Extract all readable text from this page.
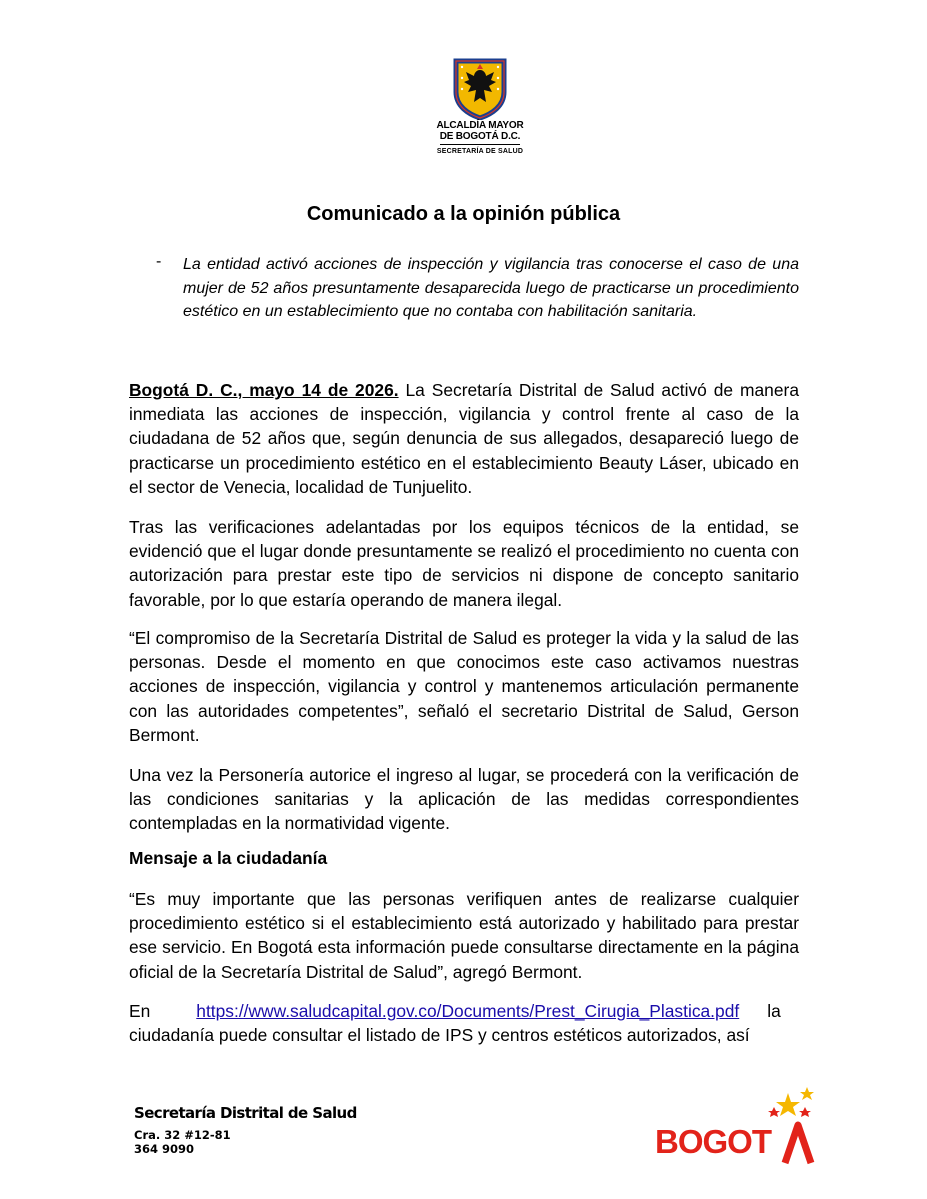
ALCALDÍA MAYOR
DE BOGOTÁ D.C.
SECRETARÍA DE SALUD
Comunicado a la opinión pública
- La entidad activó acciones de inspección y vigilancia tras conocerse el caso de una mujer de 52 años presuntamente desaparecida luego de practicarse un procedimiento estético en un establecimiento que no contaba con habilitación sanitaria.

Bogotá D. C., mayo 14 de 2026. La Secretaría Distrital de Salud activó de manera inmediata las acciones de inspección, vigilancia y control frente al caso de la ciudadana de 52 años que, según denuncia de sus allegados, desapareció luego de practicarse un procedimiento estético en el establecimiento Beauty Láser, ubicado en el sector de Venecia, localidad de Tunjuelito.

Tras las verificaciones adelantadas por los equipos técnicos de la entidad, se evidenció que el lugar donde presuntamente se realizó el procedimiento no cuenta con autorización para prestar este tipo de servicios ni dispone de concepto sanitario favorable, por lo que estaría operando de manera ilegal.

“El compromiso de la Secretaría Distrital de Salud es proteger la vida y la salud de las personas. Desde el momento en que conocimos este caso activamos nuestras acciones de inspección, vigilancia y control y mantenemos articulación permanente con las autoridades competentes”, señaló el secretario Distrital de Salud, Gerson Bermont.

Una vez la Personería autorice el ingreso al lugar, se procederá con la verificación de las condiciones sanitarias y la aplicación de las medidas correspondientes contempladas en la normatividad vigente.

Mensaje a la ciudadanía

“Es muy importante que las personas verifiquen antes de realizarse cualquier procedimiento estético si el establecimiento está autorizado y habilitado para prestar ese servicio. En Bogotá esta información puede consultarse directamente en la página oficial de la Secretaría Distrital de Salud”, agregó Bermont.

En	https://www.saludcapital.gov.co/Documents/Prest_Cirugia_Plastica.pdf la ciudadanía puede consultar el listado de IPS y centros estéticos autorizados, así

Secretaría Distrital de Salud
Cra. 32 #12-81
364 9090	BOGOT
